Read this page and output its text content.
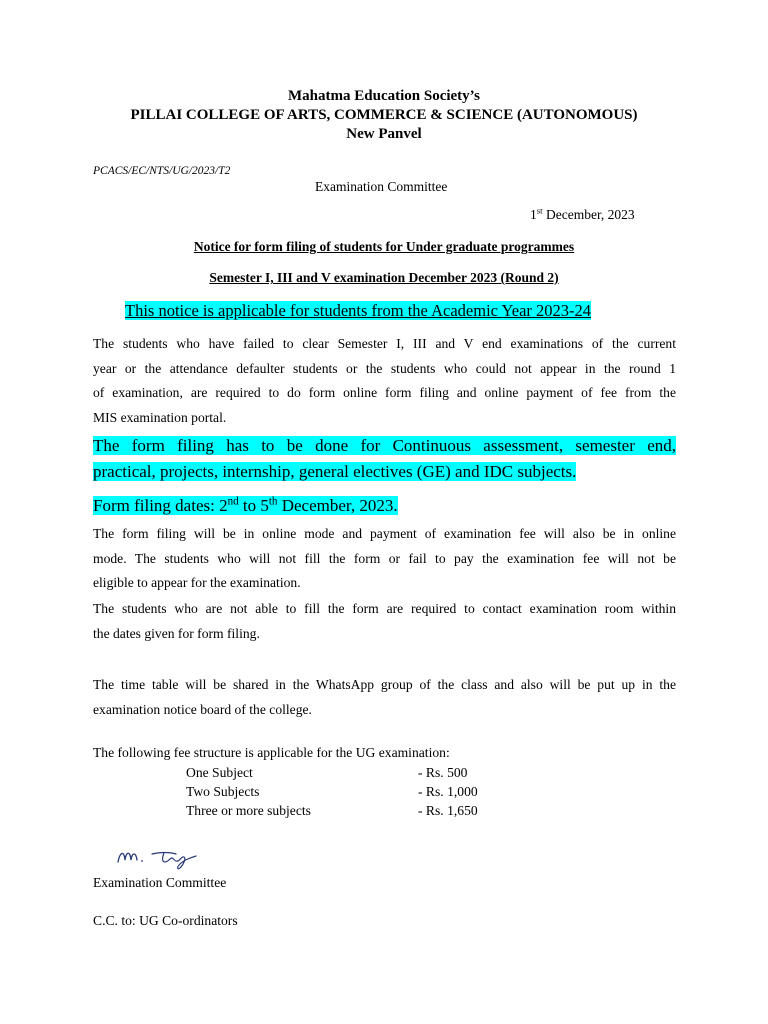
Mahatma Education Society’s
PILLAI COLLEGE OF ARTS, COMMERCE & SCIENCE (AUTONOMOUS)
New Panvel
PCACS/EC/NTS/UG/2023/T2
Examination Committee
1st December, 2023
Notice for form filing of students for Under graduate programmes
Semester I, III and V examination December 2023 (Round 2)
This notice is applicable for students from the Academic Year 2023-24
The students who have failed to clear Semester I, III and V end examinations of the current
year or the attendance defaulter students or the students who could not appear in the round 1
of examination, are required to do form online form filing and online payment of fee from the
MIS examination portal.
The form filing has to be done for Continuous assessment, semester end,
practical, projects, internship, general electives (GE) and IDC subjects.
Form filing dates: 2nd to 5th December, 2023.
The form filing will be in online mode and payment of examination fee will also be in online
mode. The students who will not fill the form or fail to pay the examination fee will not be
eligible to appear for the examination.
The students who are not able to fill the form are required to contact examination room within
the dates given for form filing.
The time table will be shared in the WhatsApp group of the class and also will be put up in the
examination notice board of the college.
The following fee structure is applicable for the UG examination:
One Subject	- Rs. 500
Two Subjects	- Rs. 1,000
Three or more subjects	- Rs. 1,650
Examination Committee
C.C. to: UG Co-ordinators
